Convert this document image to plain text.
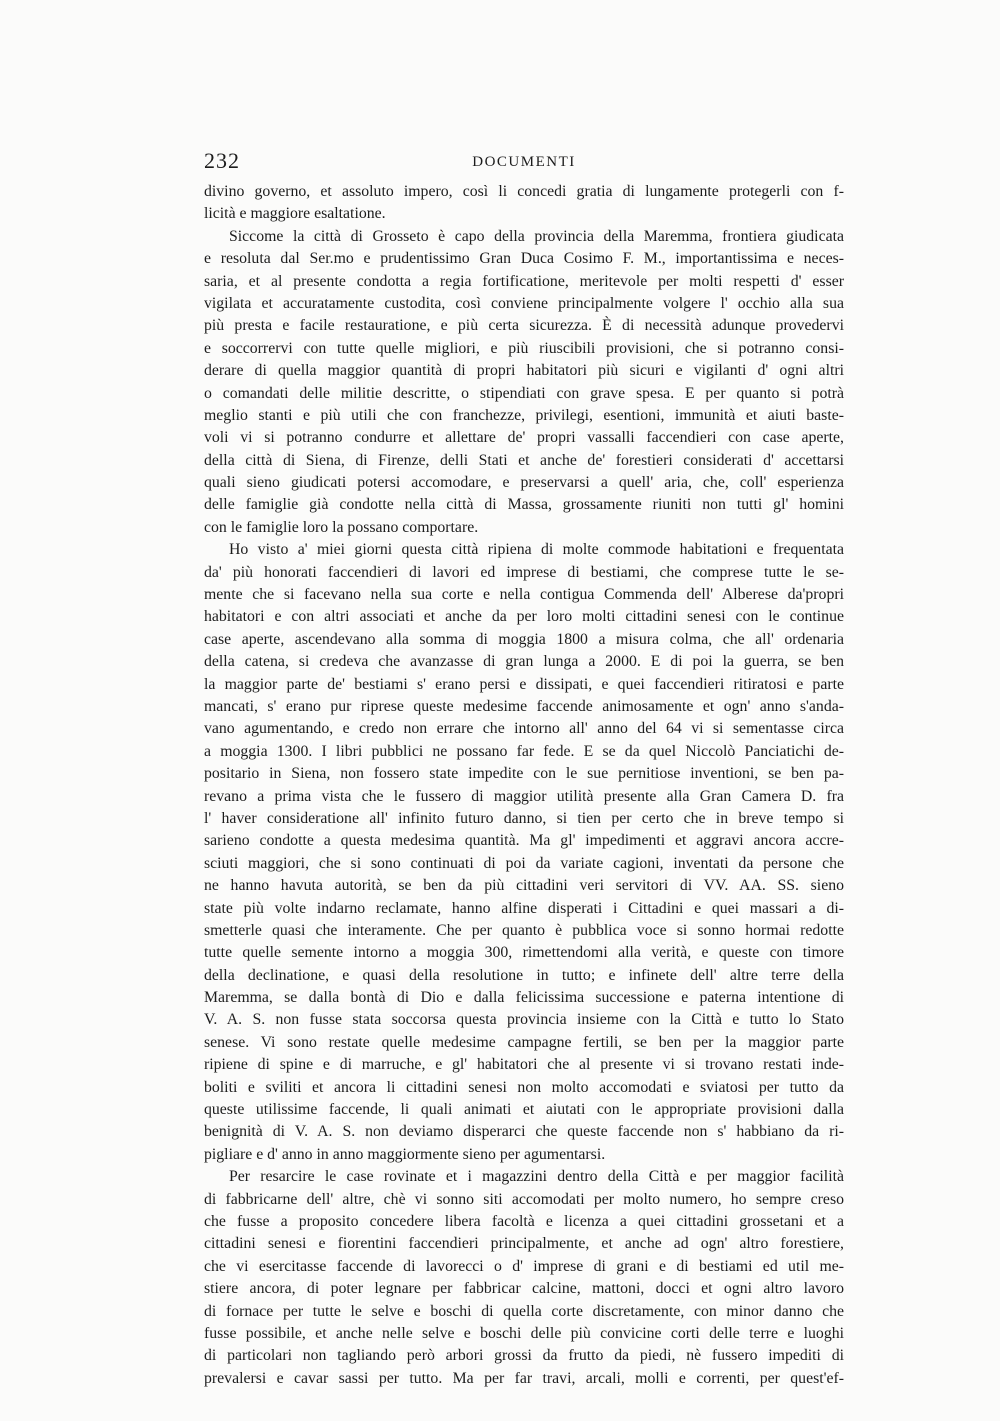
232	DOCUMENTI
divino governo, et assoluto impero, così li concedi gratia di lungamente protegerli con f-
licità e maggiore esaltatione.
Siccome la città di Grosseto è capo della provincia della Maremma, frontiera giudicata
e resoluta dal Ser.mo e prudentissimo Gran Duca Cosimo F. M., importantissima e neces-
saria, et al presente condotta a regia fortificatione, meritevole per molti respetti d' esser
vigilata et accuratamente custodita, così conviene principalmente volgere l' occhio alla sua
più presta e facile restauratione, e più certa sicurezza. È di necessità adunque provedervi
e soccorrervi con tutte quelle migliori, e più riuscibili provisioni, che si potranno consi-
derare di quella maggior quantità di propri habitatori più sicuri e vigilanti d' ogni altri
o comandati delle militie descritte, o stipendiati con grave spesa. E per quanto si potrà
meglio stanti e più utili che con franchezze, privilegi, esentioni, immunità et aiuti baste-
voli vi si potranno condurre et allettare de' propri vassalli faccendieri con case aperte,
della città di Siena, di Firenze, delli Stati et anche de' forestieri considerati d' accettarsi
quali sieno giudicati potersi accomodare, e preservarsi a quell' aria, che, coll' esperienza
delle famiglie già condotte nella città di Massa, grossamente riuniti non tutti gl' homini
con le famiglie loro la possano comportare.
Ho visto a' miei giorni questa città ripiena di molte commode habitationi e frequentata
da' più honorati faccendieri di lavori ed imprese di bestiami, che comprese tutte le se-
mente che si facevano nella sua corte e nella contigua Commenda dell' Alberese da'propri
habitatori e con altri associati et anche da per loro molti cittadini senesi con le continue
case aperte, ascendevano alla somma di moggia 1800 a misura colma, che all' ordenaria
della catena, si credeva che avanzasse di gran lunga a 2000. E di poi la guerra, se ben
la maggior parte de' bestiami s' erano persi e dissipati, e quei faccendieri ritiratosi e parte
mancati, s' erano pur riprese queste medesime faccende animosamente et ogn' anno s'anda-
vano agumentando, e credo non errare che intorno all' anno del 64 vi si sementasse circa
a moggia 1300. I libri pubblici ne possano far fede. E se da quel Niccolò Panciatichi de-
positario in Siena, non fossero state impedite con le sue pernitiose inventioni, se ben pa-
revano a prima vista che le fussero di maggior utilità presente alla Gran Camera D. fra
l' haver consideratione all' infinito futuro danno, si tien per certo che in breve tempo si
sarieno condotte a questa medesima quantità. Ma gl' impedimenti et aggravi ancora accre-
sciuti maggiori, che si sono continuati di poi da variate cagioni, inventati da persone che
ne hanno havuta autorità, se ben da più cittadini veri servitori di VV. AA. SS. sieno
state più volte indarno reclamate, hanno alfine disperati i Cittadini e quei massari a di-
smetterle quasi che interamente. Che per quanto è pubblica voce si sonno hormai redotte
tutte quelle semente intorno a moggia 300, rimettendomi alla verità, e queste con timore
della declinatione, e quasi della resolutione in tutto; e infinete dell' altre terre della
Maremma, se dalla bontà di Dio e dalla felicissima successione e paterna intentione di
V. A. S. non fusse stata soccorsa questa provincia insieme con la Città e tutto lo Stato
senese. Vi sono restate quelle medesime campagne fertili, se ben per la maggior parte
ripiene di spine e di marruche, e gl' habitatori che al presente vi si trovano restati inde-
boliti e sviliti et ancora li cittadini senesi non molto accomodati e sviatosi per tutto da
queste utilissime faccende, li quali animati et aiutati con le appropriate provisioni dalla
benignità di V. A. S. non deviamo disperarci che queste faccende non s' habbiano da ri-
pigliare e d' anno in anno maggiormente sieno per agumentarsi.
Per resarcire le case rovinate et i magazzini dentro della Città e per maggior facilità
di fabbricarne dell' altre, chè vi sonno siti accomodati per molto numero, ho sempre creso
che fusse a proposito concedere libera facoltà e licenza a quei cittadini grossetani et a
cittadini senesi e fiorentini faccendieri principalmente, et anche ad ogn' altro forestiere,
che vi esercitasse faccende di lavorecci o d' imprese di grani e di bestiami ed util me-
stiere ancora, di poter legnare per fabbricar calcine, mattoni, docci et ogni altro lavoro
di fornace per tutte le selve e boschi di quella corte discretamente, con minor danno che
fusse possibile, et anche nelle selve e boschi delle più convicine corti delle terre e luoghi
di particolari non tagliando però arbori grossi da frutto da piedi, nè fussero impediti di
prevalersi e cavar sassi per tutto. Ma per far travi, arcali, molli e correnti, per quest'ef-
